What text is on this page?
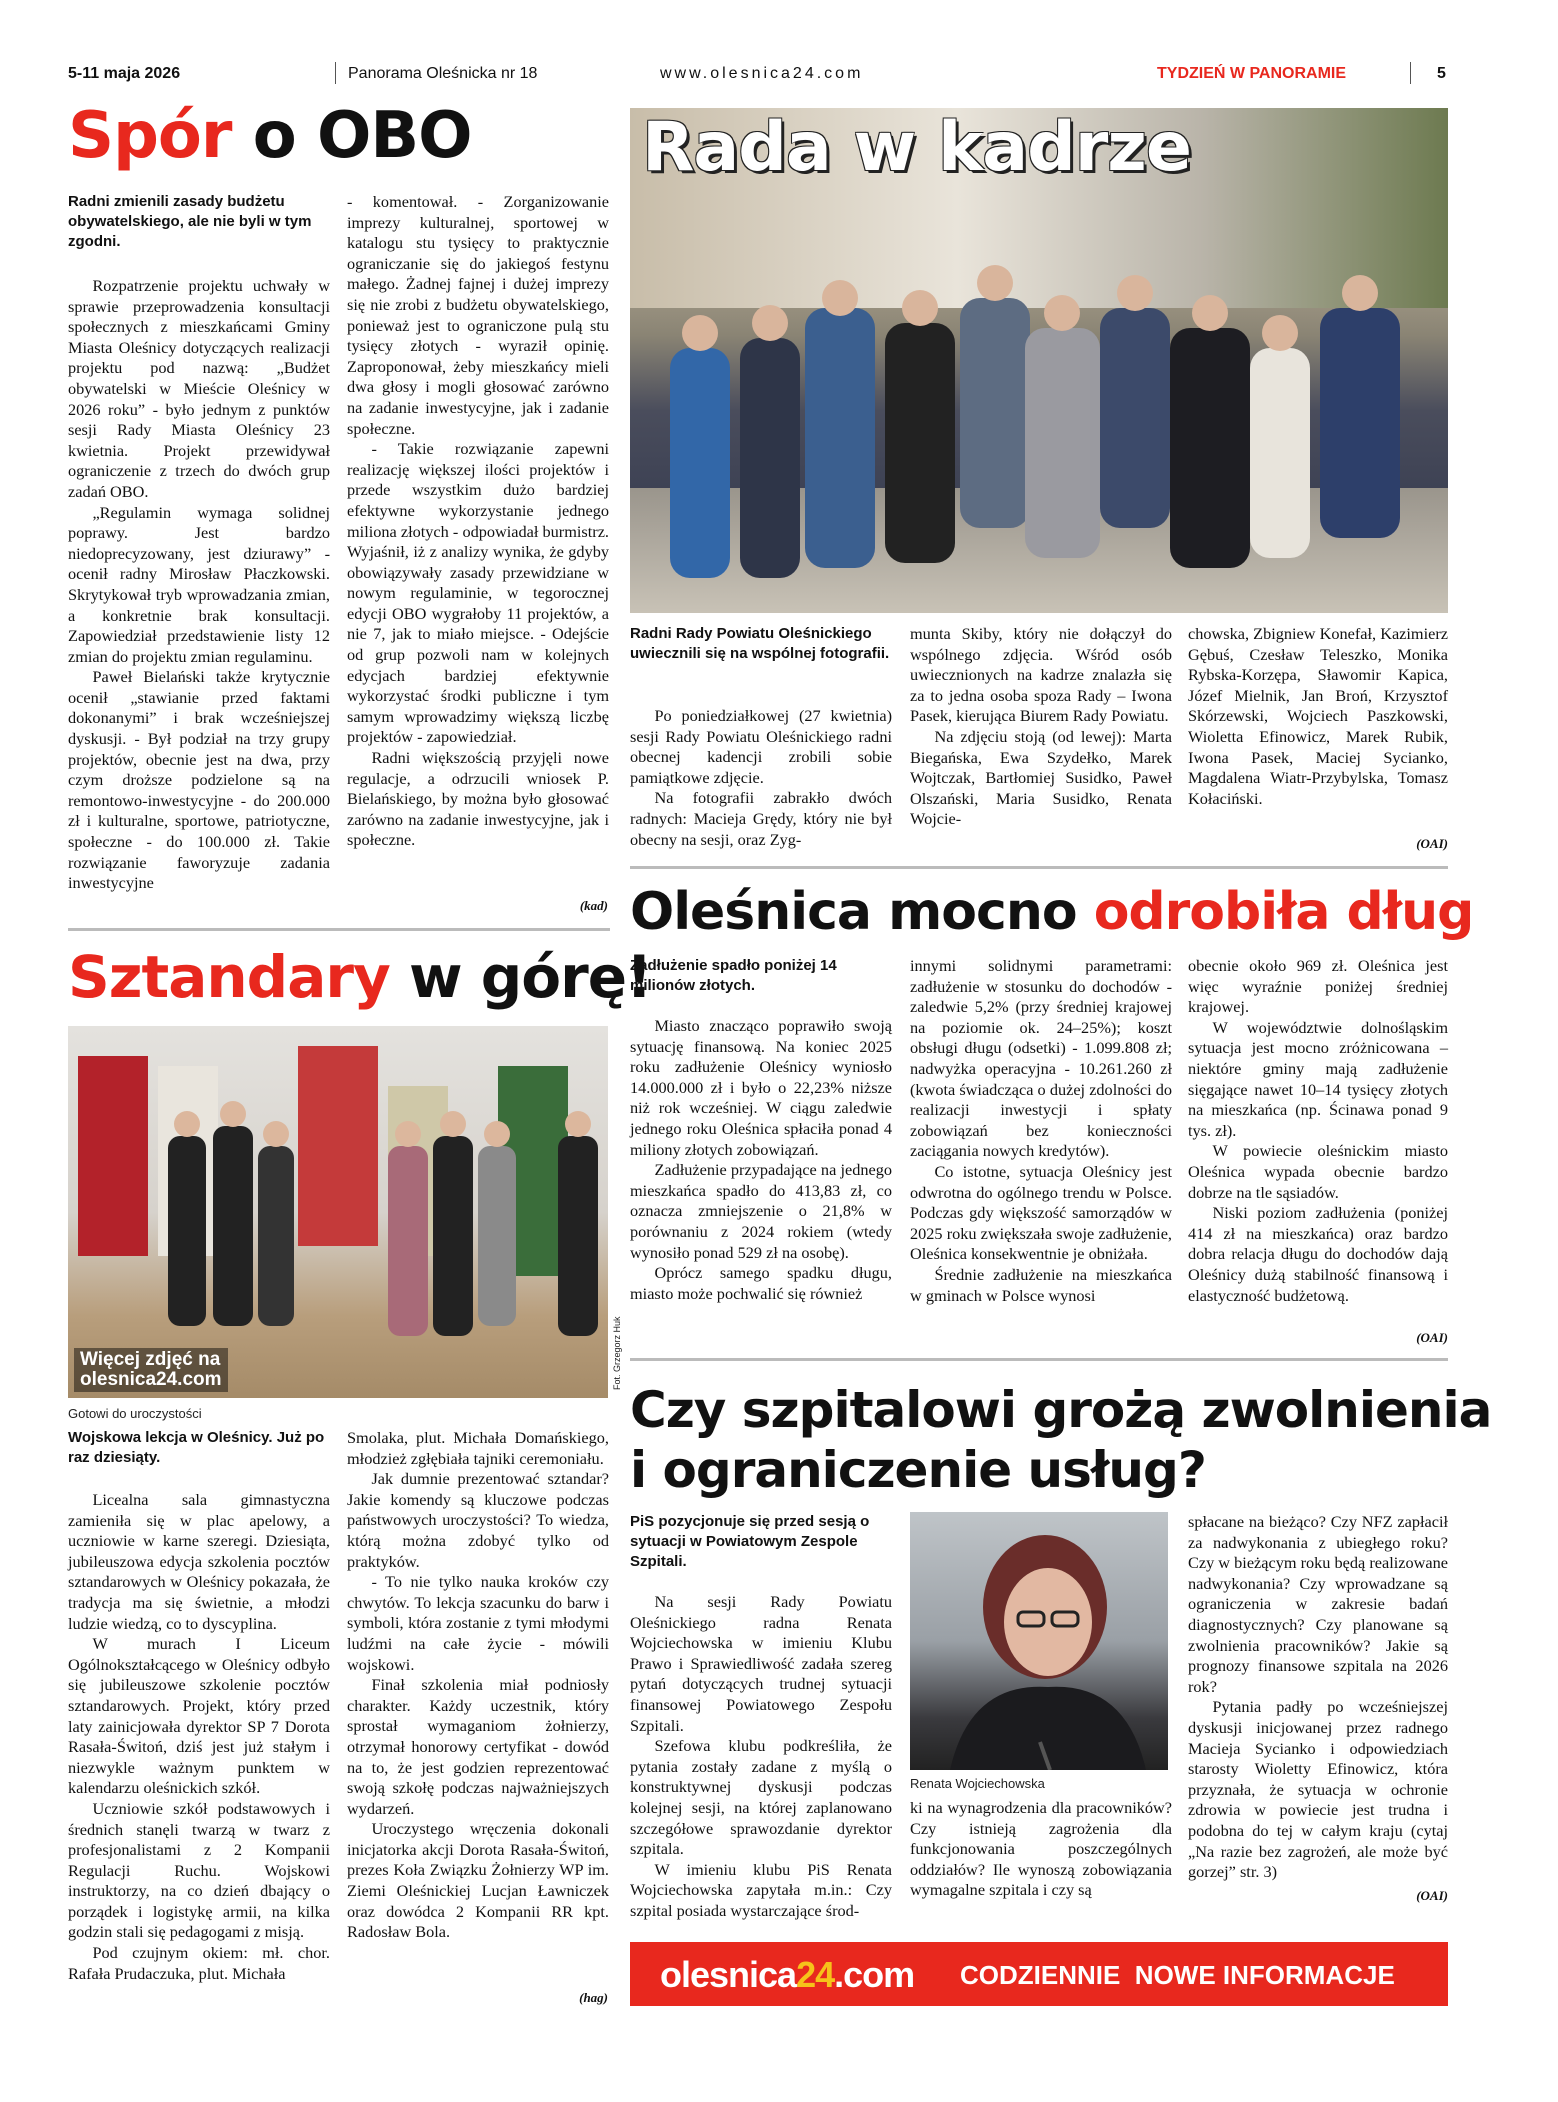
5-11 maja 2026	Panorama Oleśnicka nr 18	www.olesnica24.com	TYDZIEŃ W PANORAMIE	5
Spór o OBO
Radni zmienili zasady budżetu obywatelskiego, ale nie byli w tym zgodni.

Rozpatrzenie projektu uchwały w sprawie przeprowadzenia konsultacji społecznych z mieszkańcami Gminy Miasta Oleśnicy dotyczących realizacji projektu pod nazwą: „Budżet obywatelski w Mieście Oleśnicy w 2026 roku” - było jednym z punktów sesji Rady Miasta Oleśnicy 23 kwietnia. Projekt przewidywał ograniczenie z trzech do dwóch grup zadań OBO.

„Regulamin wymaga solidnej poprawy. Jest bardzo niedoprecyzowany, jest dziurawy” - ocenił radny Mirosław Płaczkowski. Skrytykował tryb wprowadzania zmian, a konkretnie brak konsultacji. Zapowiedział przedstawienie listy 12 zmian do projektu zmian regulaminu.

Paweł Bielański także krytycznie ocenił „stawianie przed faktami dokonanymi” i brak wcześniejszej dyskusji. - Był podział na trzy grupy projektów, obecnie jest na dwa, przy czym droższe podzielone są na remontowo-inwestycyjne - do 200.000 zł i kulturalne, sportowe, patriotyczne, społeczne - do 100.000 zł. Takie rozwiązanie faworyzuje zadania inwestycyjne

- komentował. - Zorganizowanie imprezy kulturalnej, sportowej w katalogu stu tysięcy to praktycznie ograniczanie się do jakiegoś festynu małego. Żadnej fajnej i dużej imprezy się nie zrobi z budżetu obywatelskiego, ponieważ jest to ograniczone pulą stu tysięcy złotych - wyraził opinię. Zaproponował, żeby mieszkańcy mieli dwa głosy i mogli głosować zarówno na zadanie inwestycyjne, jak i zadanie społeczne.

- Takie rozwiązanie zapewni realizację większej ilości projektów i przede wszystkim dużo bardziej efektywne wykorzystanie jednego miliona złotych - odpowiadał burmistrz. Wyjaśnił, iż z analizy wynika, że gdyby obowiązywały zasady przewidziane w nowym regulaminie, w tegorocznej edycji OBO wygrałoby 11 projektów, a nie 7, jak to miało miejsce. - Odejście od grup pozwoli nam w kolejnych edycjach bardziej efektywnie wykorzystać środki publiczne i tym samym wprowadzimy większą liczbę projektów - zapowiedział.

Radni większością przyjęli nowe regulacje, a odrzucili wniosek P. Bielańskiego, by można było głosować zarówno na zadanie inwestycyjne, jak i społeczne.

(kad)
Rada w kadrze
Radni Rady Powiatu Oleśnickiego uwiecznili się na wspólnej fotografii.

Po poniedziałkowej (27 kwietnia) sesji Rady Powiatu Oleśnickiego radni obecnej kadencji zrobili sobie pamiątkowe zdjęcie.

Na fotografii zabrakło dwóch radnych: Macieja Grędy, który nie był obecny na sesji, oraz Zyg-

munta Skiby, który nie dołączył do wspólnego zdjęcia. Wśród osób uwiecznionych na kadrze znalazła się za to jedna osoba spoza Rady – Iwona Pasek, kierująca Biurem Rady Powiatu.

Na zdjęciu stoją (od lewej): Marta Biegańska, Ewa Szydełko, Marek Wojtczak, Bartłomiej Susidko, Paweł Olszański, Maria Susidko, Renata Wojcie-

chowska, Zbigniew Konefał, Kazimierz Gębuś, Czesław Teleszko, Monika Rybska-Korzępa, Sławomir Kapica, Józef Mielnik, Jan Broń, Krzysztof Skórzewski, Wojciech Paszkowski, Wioletta Efinowicz, Marek Rubik, Iwona Pasek, Maciej Sycianko, Magdalena Wiatr-Przybylska, Tomasz Kołaciński.

(OAI)
Oleśnica mocno odrobiła dług
Zadłużenie spadło poniżej 14 milionów złotych.

Miasto znacząco poprawiło swoją sytuację finansową. Na koniec 2025 roku zadłużenie Oleśnicy wyniosło 14.000.000 zł i było o 22,23% niższe niż rok wcześniej. W ciągu zaledwie jednego roku Oleśnica spłaciła ponad 4 miliony złotych zobowiązań.

Zadłużenie przypadające na jednego mieszkańca spadło do 413,83 zł, co oznacza zmniejszenie o 21,8% w porównaniu z 2024 rokiem (wtedy wynosiło ponad 529 zł na osobę).

Oprócz samego spadku długu, miasto może pochwalić się również

innymi solidnymi parametrami: zadłużenie w stosunku do dochodów - zaledwie 5,2% (przy średniej krajowej na poziomie ok. 24–25%); koszt obsługi długu (odsetki) - 1.099.808 zł; nadwyżka operacyjna - 10.261.260 zł (kwota świadcząca o dużej zdolności do realizacji inwestycji i spłaty zobowiązań bez konieczności zaciągania nowych kredytów).

Co istotne, sytuacja Oleśnicy jest odwrotna do ogólnego trendu w Polsce. Podczas gdy większość samorządów w 2025 roku zwiększała swoje zadłużenie, Oleśnica konsekwentnie je obniżała.

Średnie zadłużenie na mieszkańca w gminach w Polsce wynosi

obecnie około 969 zł. Oleśnica jest więc wyraźnie poniżej średniej krajowej.

W województwie dolnośląskim sytuacja jest mocno zróżnicowana – niektóre gminy mają zadłużenie sięgające nawet 10–14 tysięcy złotych na mieszkańca (np. Ścinawa ponad 9 tys. zł).

W powiecie oleśnickim miasto Oleśnica wypada obecnie bardzo dobrze na tle sąsiadów.

Niski poziom zadłużenia (poniżej 414 zł na mieszkańca) oraz bardzo dobra relacja długu do dochodów dają Oleśnicy dużą stabilność finansową i elastyczność budżetową.

(OAI)
Sztandary w górę!
Więcej zdjęć na
olesnica24.com	Fot. Grzegorz Huk
Gotowi do uroczystości
Wojskowa lekcja w Oleśnicy. Już po raz dziesiąty.

Licealna sala gimnastyczna zamieniła się w plac apelowy, a uczniowie w karne szeregi. Dziesiąta, jubileuszowa edycja szkolenia pocztów sztandarowych w Oleśnicy pokazała, że tradycja ma się świetnie, a młodzi ludzie wiedzą, co to dyscyplina.

W murach I Liceum Ogólnokształcącego w Oleśnicy odbyło się jubileuszowe szkolenie pocztów sztandarowych. Projekt, który przed laty zainicjowała dyrektor SP 7 Dorota Rasała-Świtoń, dziś jest już stałym i niezwykle ważnym punktem w kalendarzu oleśnickich szkół.

Uczniowie szkół podstawowych i średnich stanęli twarzą w twarz z profesjonalistami z 2 Kompanii Regulacji Ruchu. Wojskowi instruktorzy, na co dzień dbający o porządek i logistykę armii, na kilka godzin stali się pedagogami z misją.

Pod czujnym okiem: mł. chor. Rafała Prudaczuka, plut. Michała

Smolaka, plut. Michała Domańskiego, młodzież zgłębiała tajniki ceremoniału.

Jak dumnie prezentować sztandar? Jakie komendy są kluczowe podczas państwowych uroczystości? To wiedza, którą można zdobyć tylko od praktyków.

- To nie tylko nauka kroków czy chwytów. To lekcja szacunku do barw i symboli, która zostanie z tymi młodymi ludźmi na całe życie - mówili wojskowi.

Finał szkolenia miał podniosły charakter. Każdy uczestnik, który sprostał wymaganiom żołnierzy, otrzymał honorowy certyfikat - dowód na to, że jest godzien reprezentować swoją szkołę podczas najważniejszych wydarzeń.

Uroczystego wręczenia dokonali inicjatorka akcji Dorota Rasała-Świtoń, prezes Koła Związku Żołnierzy WP im. Ziemi Oleśnickiej Lucjan Ławniczek oraz dowódca 2 Kompanii RR kpt. Radosław Bola.

(hag)
Czy szpitalowi grożą zwolnienia
i ograniczenie usług?
PiS pozycjonuje się przed sesją o sytuacji w Powiatowym Zespole Szpitali.

Na sesji Rady Powiatu Oleśnickiego radna Renata Wojciechowska w imieniu Klubu Prawo i Sprawiedliwość zadała szereg pytań dotyczących trudnej sytuacji finansowej Powiatowego Zespołu Szpitali.

Szefowa klubu podkreśliła, że pytania zostały zadane z myślą o konstruktywnej dyskusji podczas kolejnej sesji, na której zaplanowano szczegółowe sprawozdanie dyrektor szpitala.

W imieniu klubu PiS Renata Wojciechowska zapytała m.in.: Czy szpital posiada wystarczające środ-

Renata Wojciechowska

ki na wynagrodzenia dla pracowników? Czy istnieją zagrożenia dla funkcjonowania poszczególnych oddziałów? Ile wynoszą zobowiązania wymagalne szpitala i czy są

spłacane na bieżąco? Czy NFZ zapłacił za nadwykonania z ubiegłego roku? Czy w bieżącym roku będą realizowane nadwykonania? Czy wprowadzane są ograniczenia w zakresie badań diagnostycznych? Czy planowane są zwolnienia pracowników? Jakie są prognozy finansowe szpitala na 2026 rok?

Pytania padły po wcześniejszej dyskusji inicjowanej przez radnego Macieja Sycianko i odpowiedziach starosty Wioletty Efinowicz, która przyznała, że sytuacja w ochronie zdrowia w powiecie jest trudna i podobna do tej w całym kraju (cytaj „Na razie bez zagrożeń, ale może być gorzej” str. 3)

(OAI)
olesnica24.com CODZIENNIE  NOWE INFORMACJE
